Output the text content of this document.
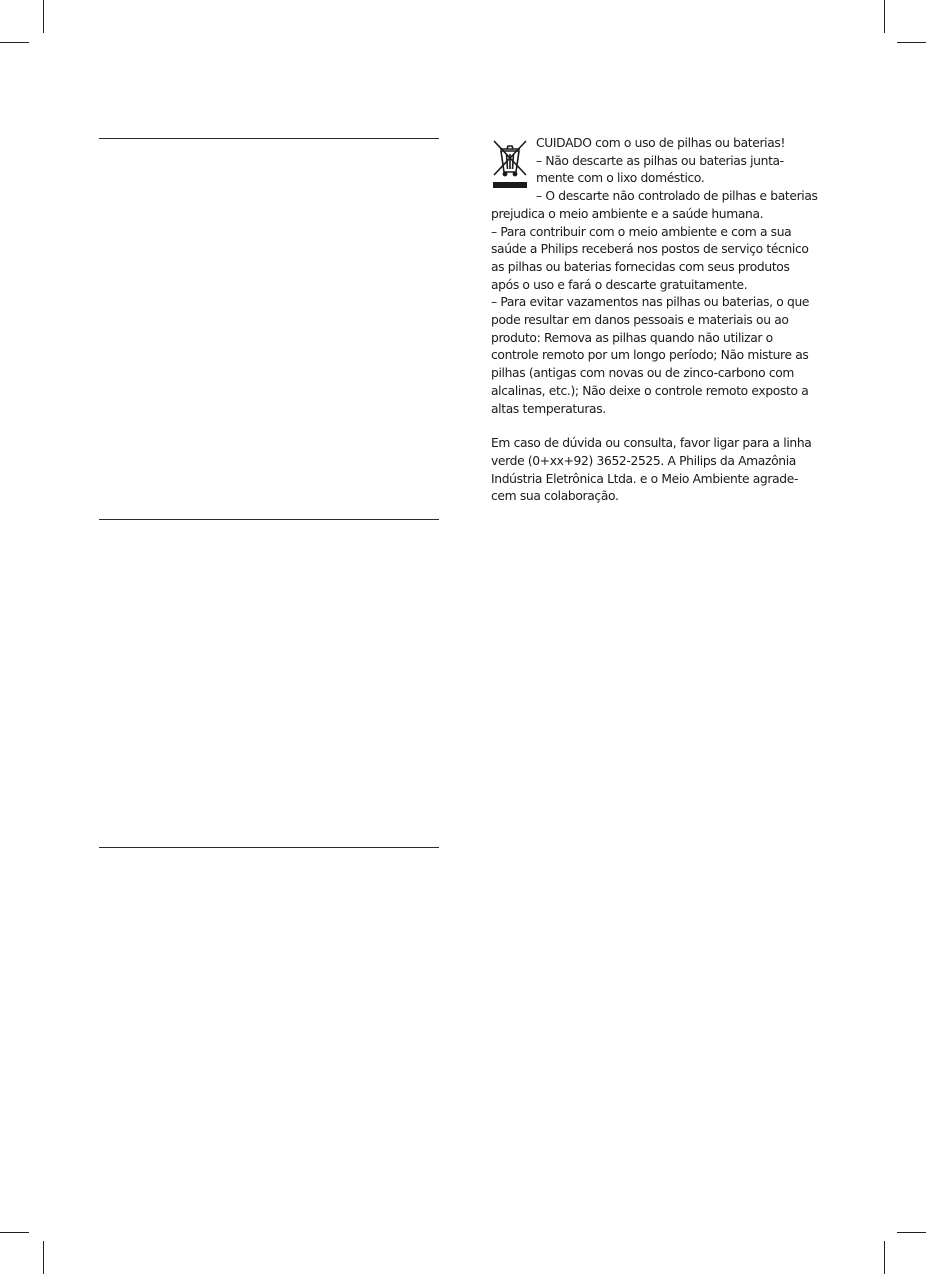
CUIDADO com o uso de pilhas ou baterias!

– Não descarte as pilhas ou baterias junta-

mente com o lixo doméstico.

– O descarte não controlado de pilhas e baterias

prejudica o meio ambiente e a saúde humana.

– Para contribuir com o meio ambiente e com a sua

saúde a Philips receberá nos postos de serviço técnico

as pilhas ou baterias fornecidas com seus produtos

após o uso e fará o descarte gratuitamente.

– Para evitar vazamentos nas pilhas ou baterias, o que

pode resultar em danos pessoais e materiais ou ao

produto: Remova as pilhas quando não utilizar o

controle remoto por um longo período; Não misture as

pilhas (antigas com novas ou de zinco-carbono com

alcalinas, etc.); Não deixe o controle remoto exposto a

altas temperaturas.

Em caso de dúvida ou consulta, favor ligar para a linha

verde (0+xx+92) 3652-2525. A Philips da Amazônia

Indústria Eletrônica Ltda. e o Meio Ambiente agrade-

cem sua colaboração.
